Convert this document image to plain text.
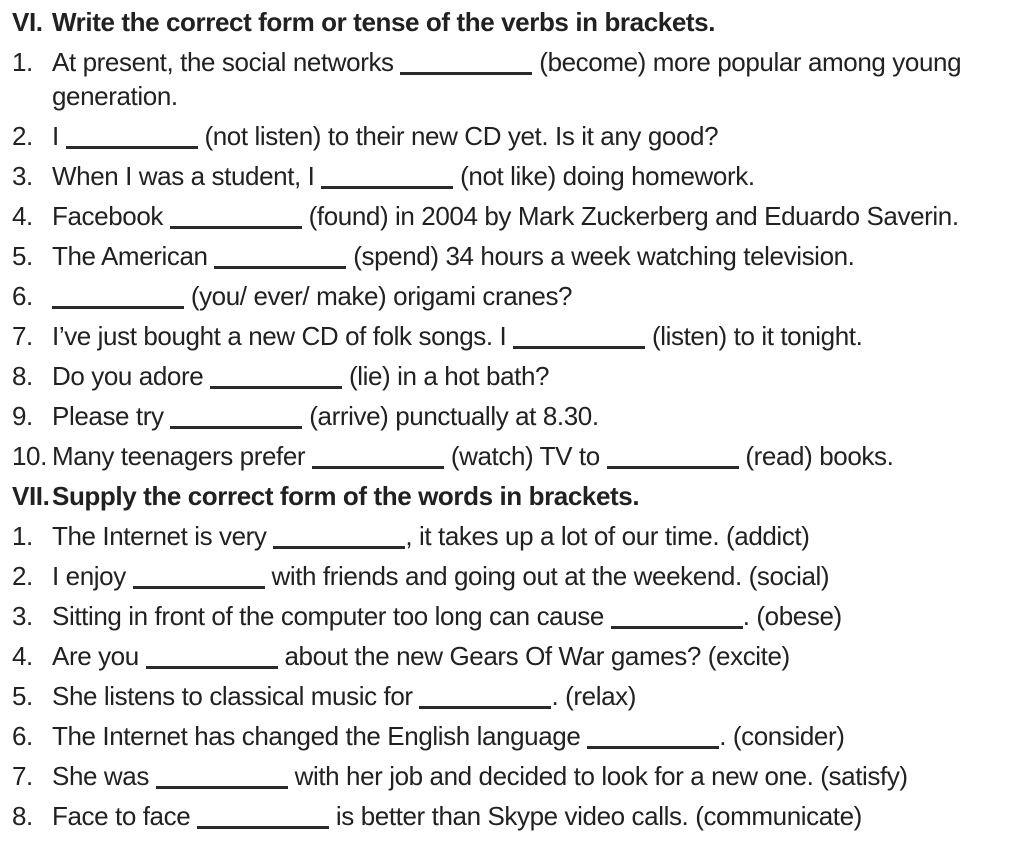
VI. Write the correct form or tense of the verbs in brackets.
1. At present, the social networks	(become) more popular among young
generation.
2. I	(not listen) to their new CD yet. Is it any good?
3. When I was a student, I	(not like) doing homework.
4. Facebook	(found) in 2004 by Mark Zuckerberg and Eduardo Saverin.
5. The American	(spend) 34 hours a week watching television.
6.	(you/ ever/ make) origami cranes?
7. I’ve just bought a new CD of folk songs. I	(listen) to it tonight.
8. Do you adore	(lie) in a hot bath?
9. Please try	(arrive) punctually at 8.30.
10. Many teenagers prefer	(watch) TV to	(read) books.
VII. Supply the correct form of the words in brackets.
1. The Internet is very	, it takes up a lot of our time. (addict)
2. I enjoy	with friends and going out at the weekend. (social)
3. Sitting in front of the computer too long can cause	. (obese)
4. Are you	about the new Gears Of War games? (excite)
5. She listens to classical music for	. (relax)
6. The Internet has changed the English language	. (consider)
7. She was	with her job and decided to look for a new one. (satisfy)
8. Face to face	is better than Skype video calls. (communicate)
